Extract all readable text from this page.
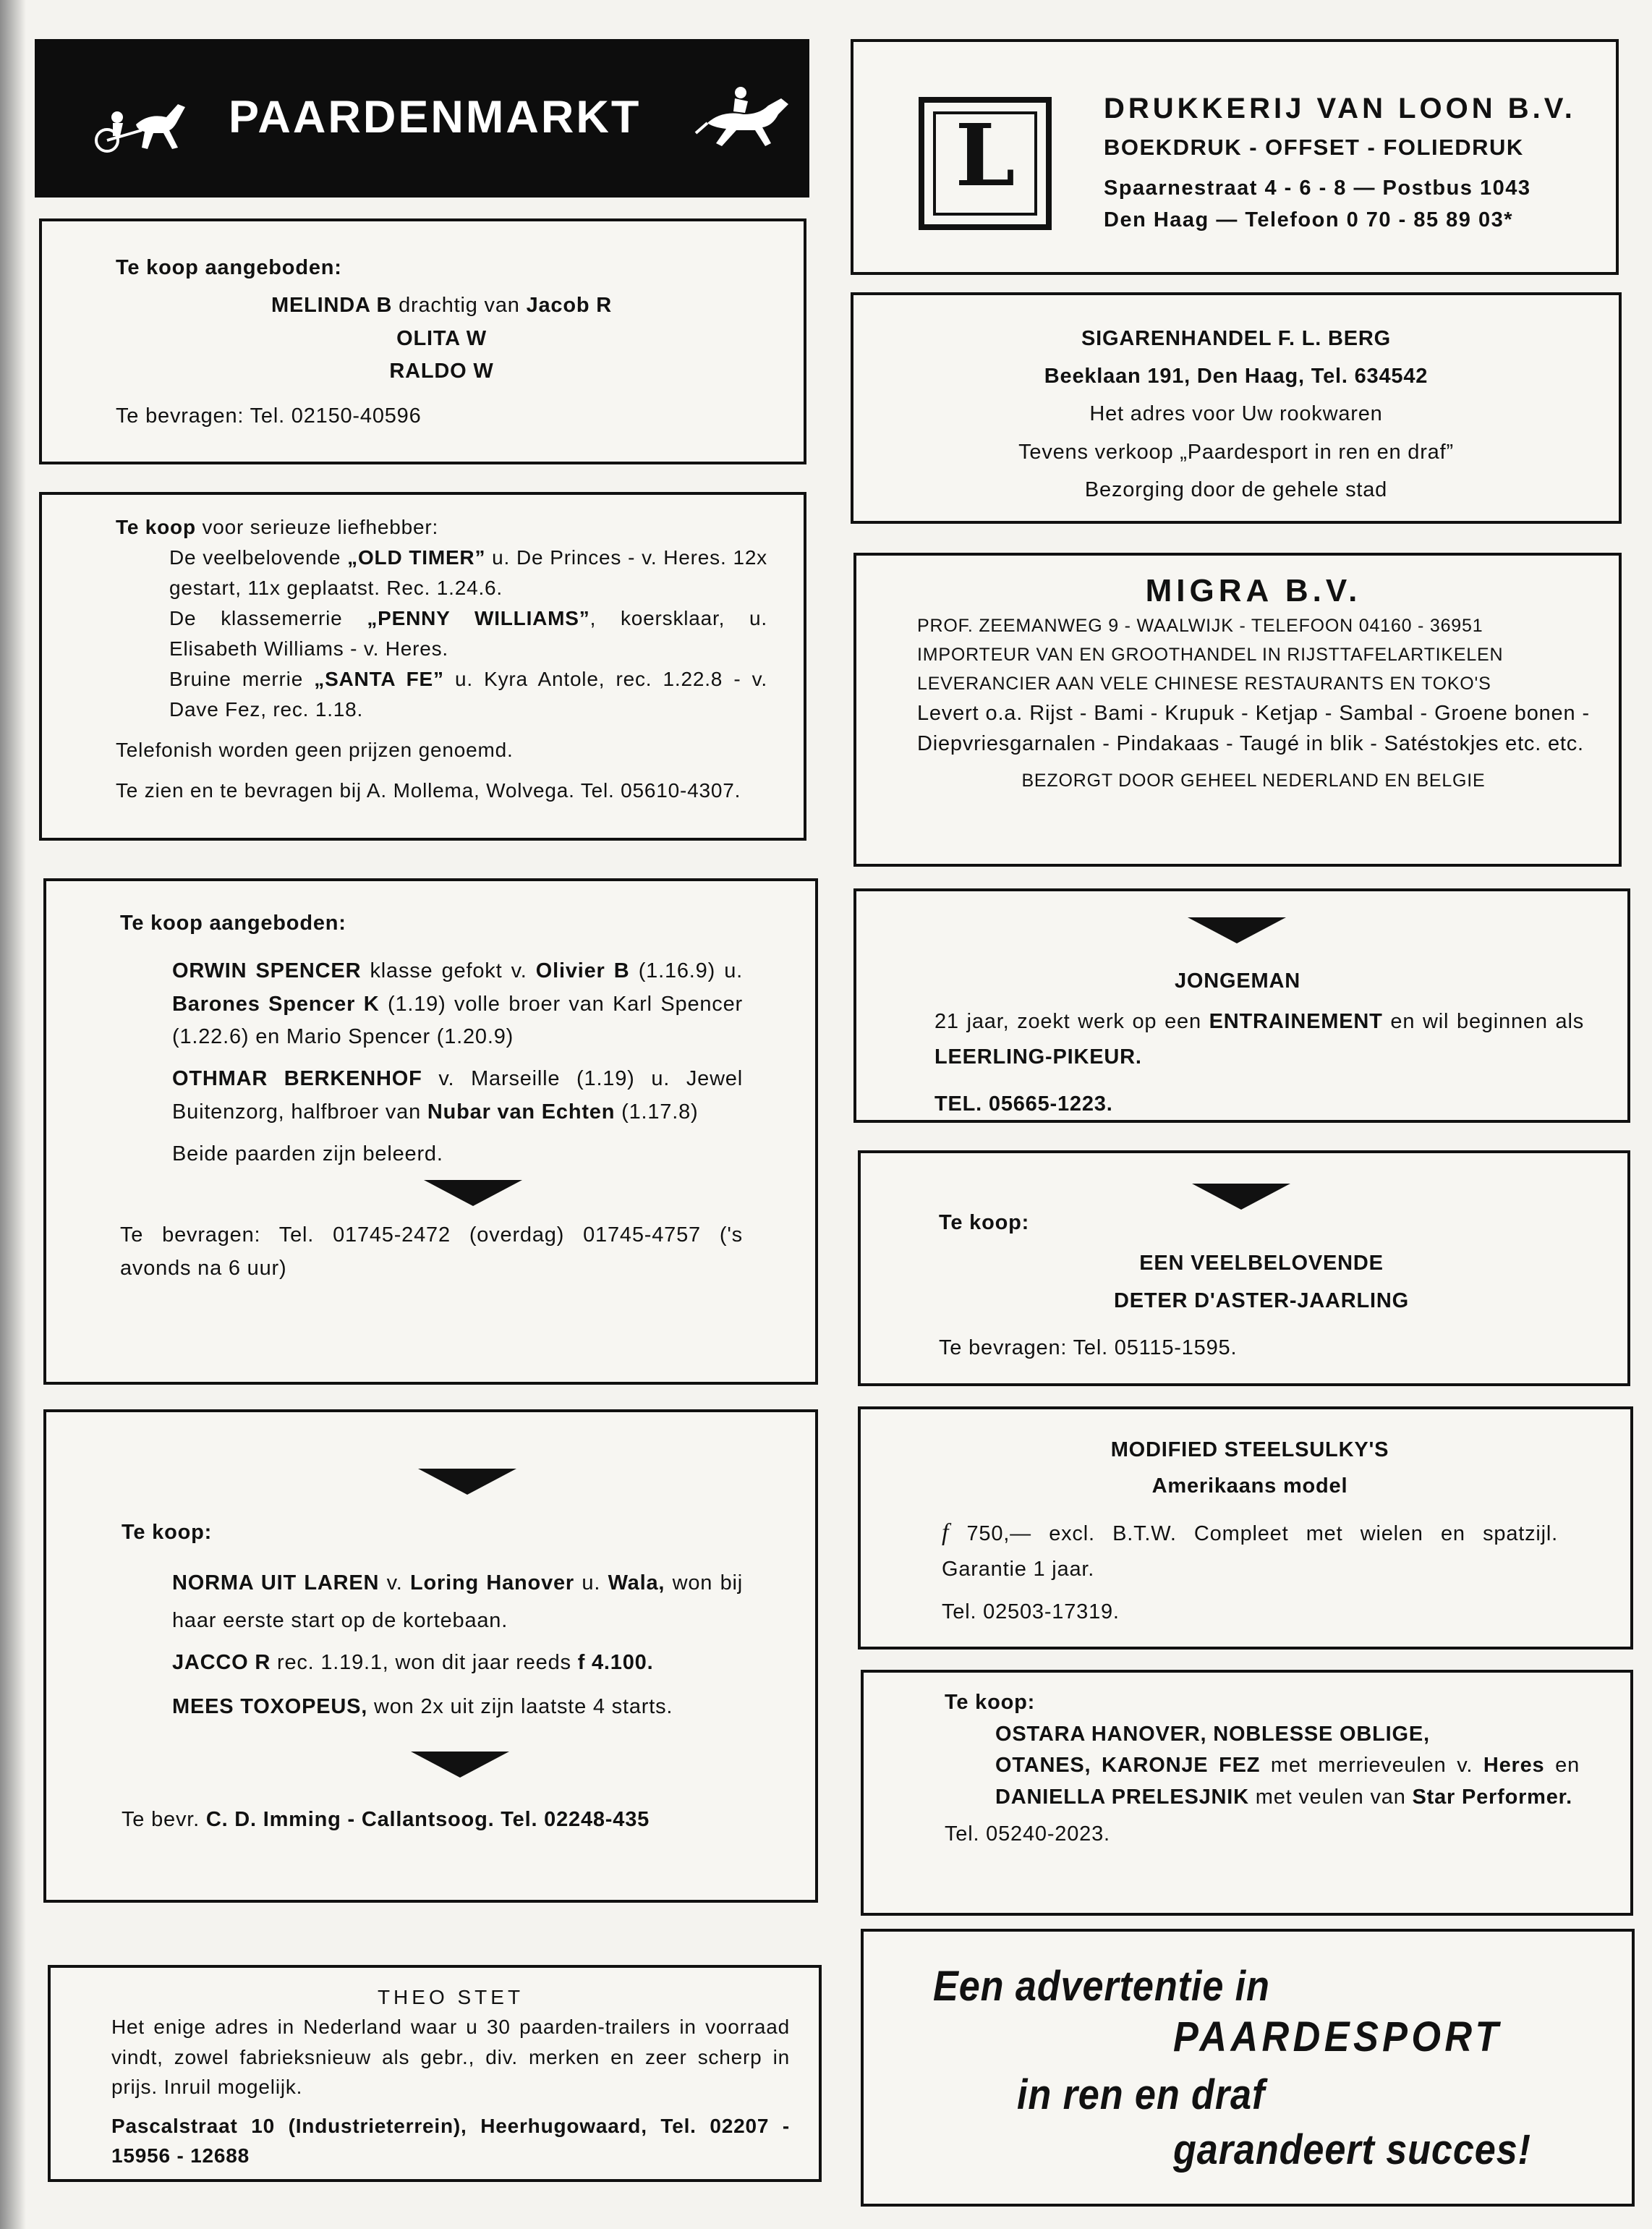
PAARDENMARKT

Te koop aangeboden:

MELINDA B drachtig van Jacob R

OLITA W

RALDO W

Te bevragen: Tel. 02150-40596

Te koop voor serieuze liefhebber:

De veelbelovende „OLD TIMER” u. De Princes - v. Heres. 12x gestart, 11x geplaatst. Rec. 1.24.6.

De klassemerrie „PENNY WILLIAMS”, koersklaar, u. Elisabeth Williams - v. Heres.

Bruine merrie „SANTA FE” u. Kyra Antole, rec. 1.22.8 - v. Dave Fez, rec. 1.18.

Telefonish worden geen prijzen genoemd.

Te zien en te bevragen bij A. Mollema, Wolvega. Tel. 05610-4307.

Te koop aangeboden:

ORWIN SPENCER klasse gefokt v. Olivier B (1.16.9) u. Barones Spencer K (1.19) volle broer van Karl Spencer (1.22.6) en Mario Spencer (1.20.9)

OTHMAR BERKENHOF v. Marseille (1.19) u. Jewel Buitenzorg, halfbroer van Nubar van Echten (1.17.8)

Beide paarden zijn beleerd.

Te bevragen: Tel. 01745-2472 (overdag) 01745-4757 ('s avonds na 6 uur)

Te koop:

NORMA UIT LAREN v. Loring Hanover u. Wala, won bij haar eerste start op de kortebaan.

JACCO R rec. 1.19.1, won dit jaar reeds f 4.100.

MEES TOXOPEUS, won 2x uit zijn laatste 4 starts.

Te bevr. C. D. Imming - Callantsoog. Tel. 02248-435

THEO STET

Het enige adres in Nederland waar u 30 paarden-trailers in voorraad vindt, zowel fabrieksnieuw als gebr., div. merken en zeer scherp in prijs. Inruil mogelijk.

Pascalstraat 10 (Industrieterrein), Heerhugowaard, Tel. 02207 - 15956 - 12688

L	DRUKKERIJ VAN LOON B.V.
BOEKDRUK - OFFSET - FOLIEDRUK
Spaarnestraat 4 - 6 - 8 — Postbus 1043
Den Haag — Telefoon 0 70 - 85 89 03*

SIGARENHANDEL F. L. BERG

Beeklaan 191, Den Haag, Tel. 634542

Het adres voor Uw rookwaren

Tevens verkoop „Paardesport in ren en draf”

Bezorging door de gehele stad

MIGRA B.V.

PROF. ZEEMANWEG 9 - WAALWIJK - TELEFOON 04160 - 36951

IMPORTEUR VAN EN GROOTHANDEL IN RIJSTTAFELARTIKELEN

LEVERANCIER AAN VELE CHINESE RESTAURANTS EN TOKO'S

Levert o.a. Rijst - Bami - Krupuk - Ketjap - Sambal - Groene bonen - Diepvriesgarnalen - Pindakaas - Taugé in blik - Satéstokjes etc. etc.

BEZORGT DOOR GEHEEL NEDERLAND EN BELGIE

JONGEMAN

21 jaar, zoekt werk op een ENTRAINEMENT en wil beginnen als LEERLING-PIKEUR.

TEL. 05665-1223.

Te koop:

EEN VEELBELOVENDE

DETER D'ASTER-JAARLING

Te bevragen: Tel. 05115-1595.

MODIFIED STEELSULKY'S

Amerikaans model

f 750,— excl. B.T.W. Compleet met wielen en spatzijl. Garantie 1 jaar.

Tel. 02503-17319.

Te koop:

OSTARA HANOVER, NOBLESSE OBLIGE,

OTANES, KARONJE FEZ met merrieveulen v. Heres en DANIELLA PRELESJNIK met veulen van Star Performer.

Tel. 05240-2023.

Een advertentie in
PAARDESPORT
in ren en draf
garandeert succes!
